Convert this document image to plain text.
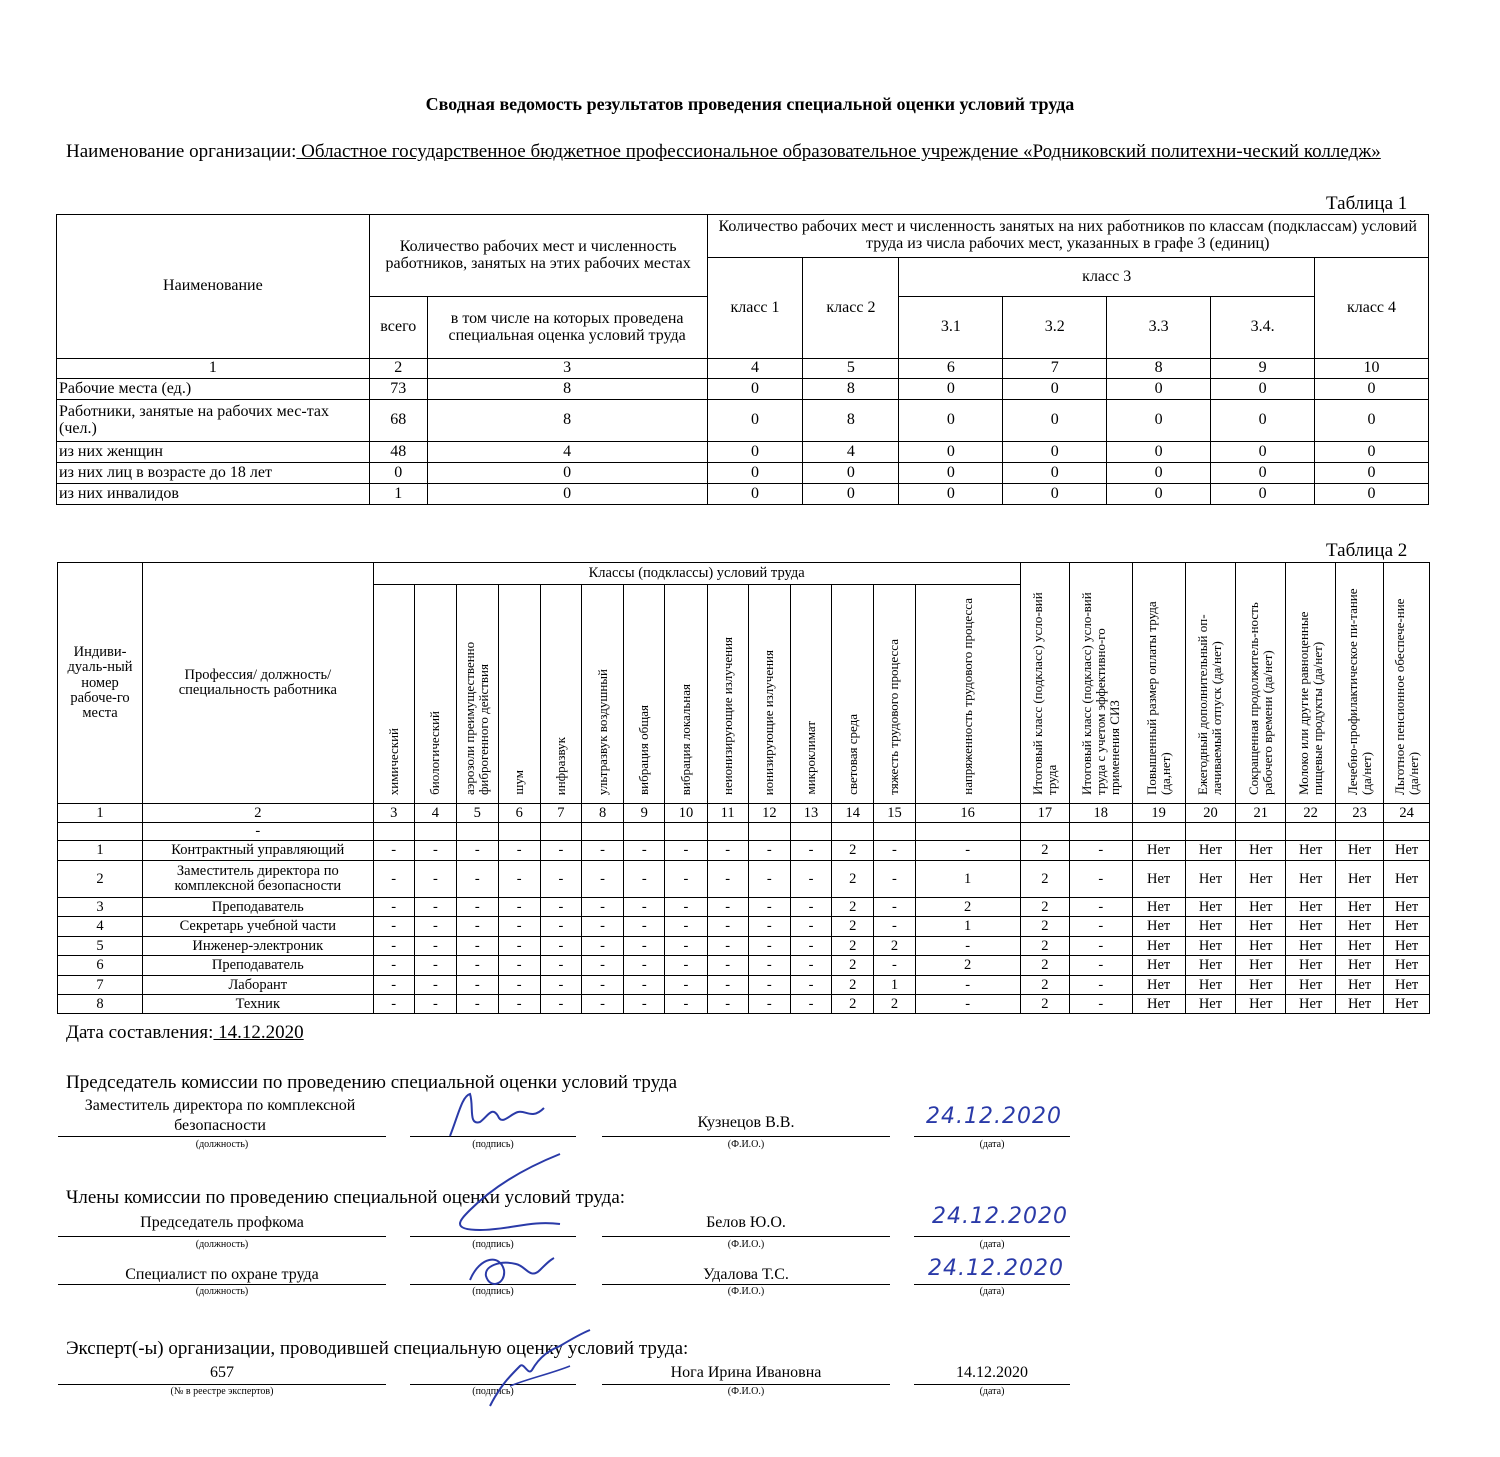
Сводная ведомость результатов проведения специальной оценки условий труда
Наименование организации: Областное государственное бюджетное профессиональное образовательное учреждение «Родниковский политехни-ческий колледж»
Таблица 1
Наименование	Количество рабочих мест и численность работников, занятых на этих рабочих местах		Количество рабочих мест и численность занятых на них работников по классам (подклассам) условий труда из числа рабочих мест, указанных в графе 3 (единиц)						
			класс 1	класс 2	класс 3				класс 4
	всего	в том числе на которых проведена специальная оценка условий труда			3.1	3.2	3.3	3.4.	
1	2	3	4	5	6	7	8	9	10
Рабочие места (ед.)	73	8	0	8	0	0	0	0	0
Работники, занятые на рабочих мес-тах (чел.)	68	8	0	8	0	0	0	0	0
из них женщин	48	4	0	4	0	0	0	0	0
из них лиц в возрасте до 18 лет	0	0	0	0	0	0	0	0	0
из них инвалидов	1	0	0	0	0	0	0	0	0
Таблица 2
Индиви-дуаль-ный номер рабоче-го места	Профессия/ должность/ специальность работника	Классы (подклассы) условий труда														Итоговый класс (подкласс) усло-вий труда	Итоговый класс (подкласс) усло-вий труда с учетом эффективно-го применения СИЗ	Повышенный размер оплаты труда (да,нет)	Ежегодный дополнительный оп-лачиваемый отпуск (да/нет)	Сокращенная продолжитель-ность рабочего времени (да/нет)	Молоко или другие равноценные пищевые продукты (да/нет)	Лечебно-профилактическое пи-тание (да/нет)	Льготное пенсионное обеспече-ние (да/нет)
		химический	биологический	аэрозоли преимущественно фиброгенного действия	шум	инфразвук	ультразвук воздушный	вибрация общая	вибрация локальная	неионизирующие излучения	ионизирующие излучения	микроклимат	световая среда	тяжесть трудового процесса	напряженность трудового процесса								
1	2	3	4	5	6	7	8	9	10	11	12	13	14	15	16	17	18	19	20	21	22	23	24
	-																						
1	Контрактный управляющий	-	-	-	-	-	-	-	-	-	-	-	2	-	-	2	-	Нет	Нет	Нет	Нет	Нет	Нет
2	Заместитель директора по комплексной безопасности	-	-	-	-	-	-	-	-	-	-	-	2	-	1	2	-	Нет	Нет	Нет	Нет	Нет	Нет
3	Преподаватель	-	-	-	-	-	-	-	-	-	-	-	2	-	2	2	-	Нет	Нет	Нет	Нет	Нет	Нет
4	Секретарь учебной части	-	-	-	-	-	-	-	-	-	-	-	2	-	1	2	-	Нет	Нет	Нет	Нет	Нет	Нет
5	Инженер-электроник	-	-	-	-	-	-	-	-	-	-	-	2	2	-	2	-	Нет	Нет	Нет	Нет	Нет	Нет
6	Преподаватель	-	-	-	-	-	-	-	-	-	-	-	2	-	2	2	-	Нет	Нет	Нет	Нет	Нет	Нет
7	Лаборант	-	-	-	-	-	-	-	-	-	-	-	2	1	-	2	-	Нет	Нет	Нет	Нет	Нет	Нет
8	Техник	-	-	-	-	-	-	-	-	-	-	-	2	2	-	2	-	Нет	Нет	Нет	Нет	Нет	Нет
Дата составления: 14.12.2020
Председатель комиссии по проведению специальной оценки условий труда
Заместитель директора по комплексной безопасности	Кузнецов В.В.	24.12.2020
(должность)	(подпись)	(Ф.И.О.)	(дата)
Члены комиссии по проведению специальной оценки условий труда:
Председатель профкома	Белов Ю.О.	24.12.2020
(должность)	(подпись)	(Ф.И.О.)	(дата)
Специалист по охране труда	Удалова Т.С.	24.12.2020
(должность)	(подпись)	(Ф.И.О.)	(дата)
Эксперт(-ы) организации, проводившей специальную оценку условий труда:
657	Нога Ирина Ивановна	14.12.2020
(№ в реестре экспертов)	(подпись)	(Ф.И.О.)	(дата)
